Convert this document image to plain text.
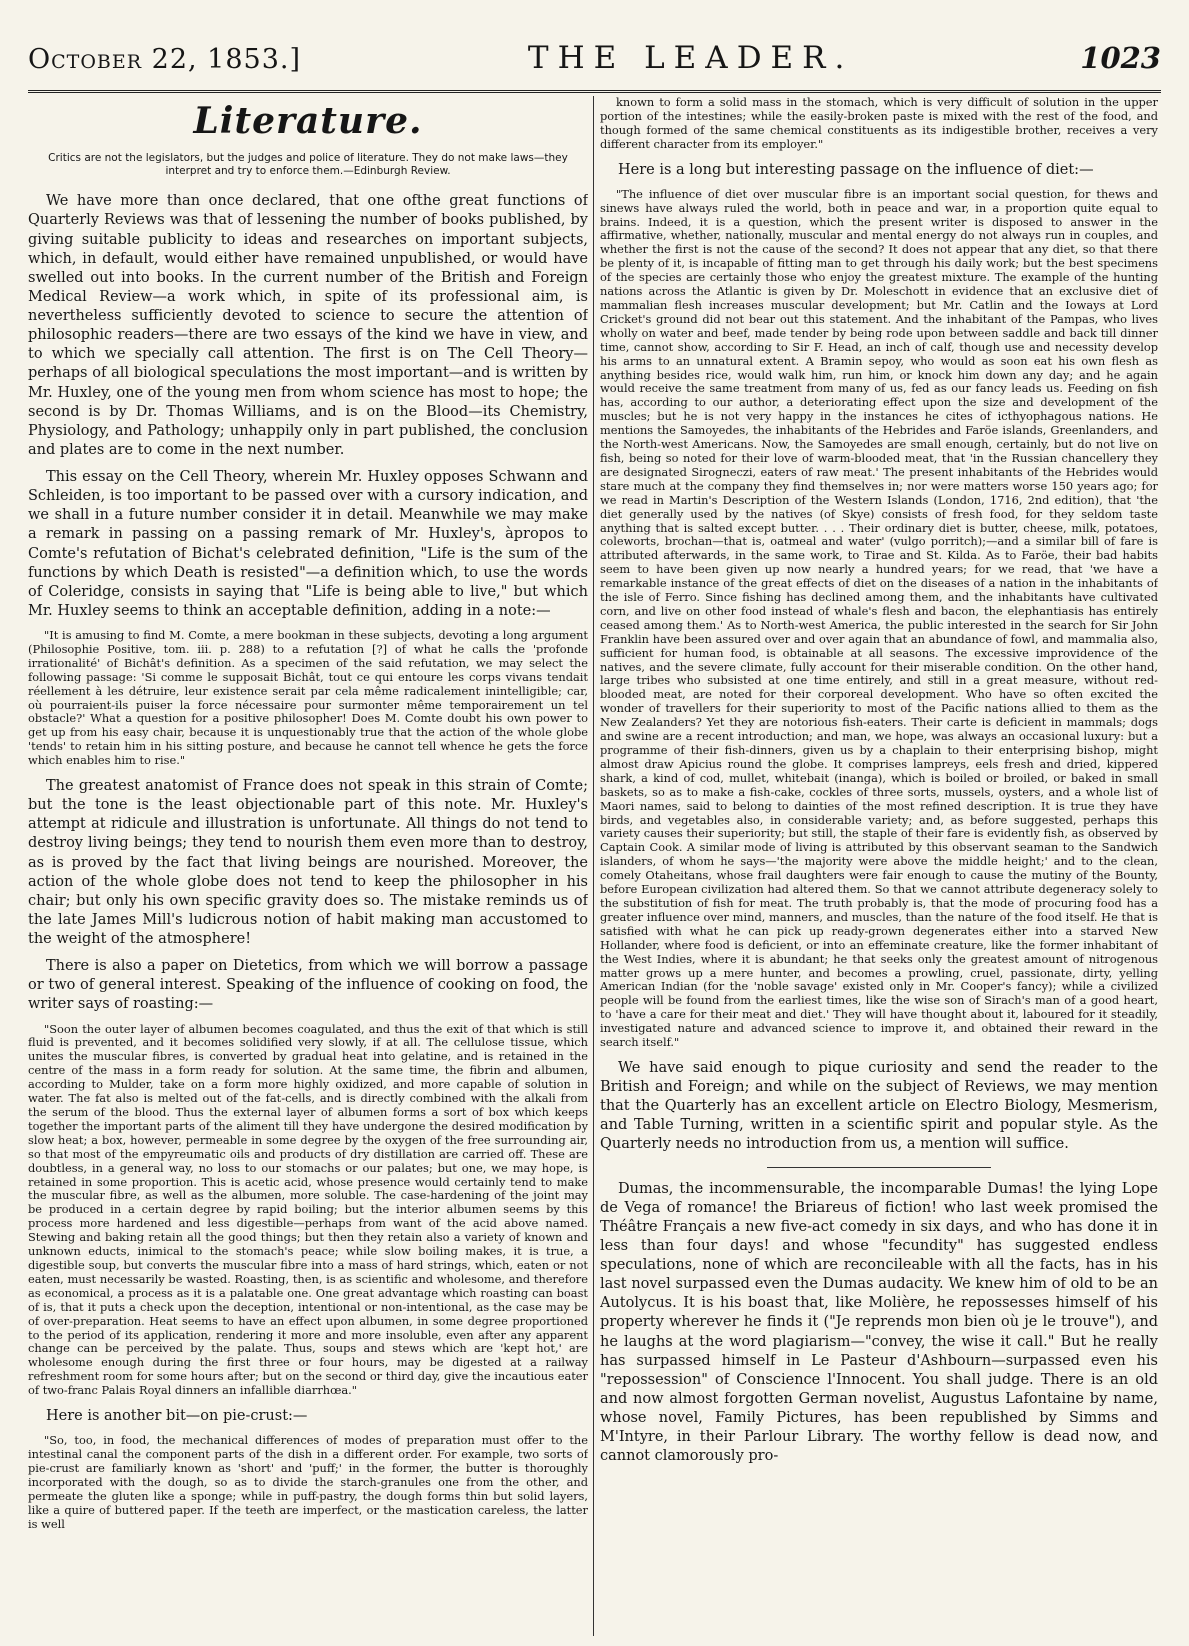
October 22, 1853.]	THE LEADER.	1023
Literature.
Critics are not the legislators, but the judges and police of literature. They do not make laws—they interpret and try to enforce them.—Edinburgh Review.

We have more than once declared, that one ofthe great functions of Quarterly Reviews was that of lessening the number of books published, by giving suitable publicity to ideas and researches on important subjects, which, in default, would either have remained unpublished, or would have swelled out into books. In the current number of the British and Foreign Medical Review—a work which, in spite of its professional aim, is nevertheless sufficiently devoted to science to secure the attention of philosophic readers—there are two essays of the kind we have in view, and to which we specially call attention. The first is on The Cell Theory—perhaps of all biological speculations the most important—and is written by Mr. Huxley, one of the young men from whom science has most to hope; the second is by Dr. Thomas Williams, and is on the Blood—its Chemistry, Physiology, and Pathology; unhappily only in part published, the conclusion and plates are to come in the next number.

This essay on the Cell Theory, wherein Mr. Huxley opposes Schwann and Schleiden, is too important to be passed over with a cursory indication, and we shall in a future number consider it in detail. Meanwhile we may make a remark in passing on a passing remark of Mr. Huxley's, àpropos to Comte's refutation of Bichat's celebrated definition, "Life is the sum of the functions by which Death is resisted"—a definition which, to use the words of Coleridge, consists in saying that "Life is being able to live," but which Mr. Huxley seems to think an acceptable definition, adding in a note:—

"It is amusing to find M. Comte, a mere bookman in these subjects, devoting a long argument (Philosophie Positive, tom. iii. p. 288) to a refutation [?] of what he calls the 'profonde irrationalité' of Bichât's definition. As a specimen of the said refutation, we may select the following passage: 'Si comme le supposait Bichât, tout ce qui entoure les corps vivans tendait réellement à les détruire, leur existence serait par cela même radicalement inintelligible; car, où pourraient-ils puiser la force nécessaire pour surmonter même temporairement un tel obstacle?' What a question for a positive philosopher! Does M. Comte doubt his own power to get up from his easy chair, because it is unquestionably true that the action of the whole globe 'tends' to retain him in his sitting posture, and because he cannot tell whence he gets the force which enables him to rise."

The greatest anatomist of France does not speak in this strain of Comte; but the tone is the least objectionable part of this note. Mr. Huxley's attempt at ridicule and illustration is unfortunate. All things do not tend to destroy living beings; they tend to nourish them even more than to destroy, as is proved by the fact that living beings are nourished. Moreover, the action of the whole globe does not tend to keep the philosopher in his chair; but only his own specific gravity does so. The mistake reminds us of the late James Mill's ludicrous notion of habit making man accustomed to the weight of the atmosphere!

There is also a paper on Dietetics, from which we will borrow a passage or two of general interest. Speaking of the influence of cooking on food, the writer says of roasting:—

"Soon the outer layer of albumen becomes coagulated, and thus the exit of that which is still fluid is prevented, and it becomes solidified very slowly, if at all. The cellulose tissue, which unites the muscular fibres, is converted by gradual heat into gelatine, and is retained in the centre of the mass in a form ready for solution. At the same time, the fibrin and albumen, according to Mulder, take on a form more highly oxidized, and more capable of solution in water. The fat also is melted out of the fat-cells, and is directly combined with the alkali from the serum of the blood. Thus the external layer of albumen forms a sort of box which keeps together the important parts of the aliment till they have undergone the desired modification by slow heat; a box, however, permeable in some degree by the oxygen of the free surrounding air, so that most of the empyreumatic oils and products of dry distillation are carried off. These are doubtless, in a general way, no loss to our stomachs or our palates; but one, we may hope, is retained in some proportion. This is acetic acid, whose presence would certainly tend to make the muscular fibre, as well as the albumen, more soluble. The case-hardening of the joint may be produced in a certain degree by rapid boiling; but the interior albumen seems by this process more hardened and less digestible—perhaps from want of the acid above named. Stewing and baking retain all the good things; but then they retain also a variety of known and unknown educts, inimical to the stomach's peace; while slow boiling makes, it is true, a digestible soup, but converts the muscular fibre into a mass of hard strings, which, eaten or not eaten, must necessarily be wasted. Roasting, then, is as scientific and wholesome, and therefore as economical, a process as it is a palatable one. One great advantage which roasting can boast of is, that it puts a check upon the deception, intentional or non-intentional, as the case may be of over-preparation. Heat seems to have an effect upon albumen, in some degree proportioned to the period of its application, rendering it more and more insoluble, even after any apparent change can be perceived by the palate. Thus, soups and stews which are 'kept hot,' are wholesome enough during the first three or four hours, may be digested at a railway refreshment room for some hours after; but on the second or third day, give the incautious eater of two-franc Palais Royal dinners an infallible diarrhœa."

Here is another bit—on pie-crust:—

"So, too, in food, the mechanical differences of modes of preparation must offer to the intestinal canal the component parts of the dish in a different order. For example, two sorts of pie-crust are familiarly known as 'short' and 'puff;' in the former, the butter is thoroughly incorporated with the dough, so as to divide the starch-granules one from the other, and permeate the gluten like a sponge; while in puff-pastry, the dough forms thin but solid layers, like a quire of buttered paper. If the teeth are imperfect, or the mastication careless, the latter is well

known to form a solid mass in the stomach, which is very difficult of solution in the upper portion of the intestines; while the easily-broken paste is mixed with the rest of the food, and though formed of the same chemical constituents as its indigestible brother, receives a very different character from its employer."

Here is a long but interesting passage on the influence of diet:—

"The influence of diet over muscular fibre is an important social question, for thews and sinews have always ruled the world, both in peace and war, in a proportion quite equal to brains. Indeed, it is a question, which the present writer is disposed to answer in the affirmative, whether, nationally, muscular and mental energy do not always run in couples, and whether the first is not the cause of the second? It does not appear that any diet, so that there be plenty of it, is incapable of fitting man to get through his daily work; but the best specimens of the species are certainly those who enjoy the greatest mixture. The example of the hunting nations across the Atlantic is given by Dr. Moleschott in evidence that an exclusive diet of mammalian flesh increases muscular development; but Mr. Catlin and the Ioways at Lord Cricket's ground did not bear out this statement. And the inhabitant of the Pampas, who lives wholly on water and beef, made tender by being rode upon between saddle and back till dinner time, cannot show, according to Sir F. Head, an inch of calf, though use and necessity develop his arms to an unnatural extent. A Bramin sepoy, who would as soon eat his own flesh as anything besides rice, would walk him, run him, or knock him down any day; and he again would receive the same treatment from many of us, fed as our fancy leads us. Feeding on fish has, according to our author, a deteriorating effect upon the size and development of the muscles; but he is not very happy in the instances he cites of icthyophagous nations. He mentions the Samoyedes, the inhabitants of the Hebrides and Faröe islands, Greenlanders, and the North-west Americans. Now, the Samoyedes are small enough, certainly, but do not live on fish, being so noted for their love of warm-blooded meat, that 'in the Russian chancellery they are designated Sirogneczi, eaters of raw meat.' The present inhabitants of the Hebrides would stare much at the company they find themselves in; nor were matters worse 150 years ago; for we read in Martin's Description of the Western Islands (London, 1716, 2nd edition), that 'the diet generally used by the natives (of Skye) consists of fresh food, for they seldom taste anything that is salted except butter. . . . Their ordinary diet is butter, cheese, milk, potatoes, coleworts, brochan—that is, oatmeal and water' (vulgo porritch);—and a similar bill of fare is attributed afterwards, in the same work, to Tirae and St. Kilda. As to Faröe, their bad habits seem to have been given up now nearly a hundred years; for we read, that 'we have a remarkable instance of the great effects of diet on the diseases of a nation in the inhabitants of the isle of Ferro. Since fishing has declined among them, and the inhabitants have cultivated corn, and live on other food instead of whale's flesh and bacon, the elephantiasis has entirely ceased among them.' As to North-west America, the public interested in the search for Sir John Franklin have been assured over and over again that an abundance of fowl, and mammalia also, sufficient for human food, is obtainable at all seasons. The excessive improvidence of the natives, and the severe climate, fully account for their miserable condition. On the other hand, large tribes who subsisted at one time entirely, and still in a great measure, without red-blooded meat, are noted for their corporeal development. Who have so often excited the wonder of travellers for their superiority to most of the Pacific nations allied to them as the New Zealanders? Yet they are notorious fish-eaters. Their carte is deficient in mammals; dogs and swine are a recent introduction; and man, we hope, was always an occasional luxury: but a programme of their fish-dinners, given us by a chaplain to their enterprising bishop, might almost draw Apicius round the globe. It comprises lampreys, eels fresh and dried, kippered shark, a kind of cod, mullet, whitebait (inanga), which is boiled or broiled, or baked in small baskets, so as to make a fish-cake, cockles of three sorts, mussels, oysters, and a whole list of Maori names, said to belong to dainties of the most refined description. It is true they have birds, and vegetables also, in considerable variety; and, as before suggested, perhaps this variety causes their superiority; but still, the staple of their fare is evidently fish, as observed by Captain Cook. A similar mode of living is attributed by this observant seaman to the Sandwich islanders, of whom he says—'the majority were above the middle height;' and to the clean, comely Otaheitans, whose frail daughters were fair enough to cause the mutiny of the Bounty, before European civilization had altered them. So that we cannot attribute degeneracy solely to the substitution of fish for meat. The truth probably is, that the mode of procuring food has a greater influence over mind, manners, and muscles, than the nature of the food itself. He that is satisfied with what he can pick up ready-grown degenerates either into a starved New Hollander, where food is deficient, or into an effeminate creature, like the former inhabitant of the West Indies, where it is abundant; he that seeks only the greatest amount of nitrogenous matter grows up a mere hunter, and becomes a prowling, cruel, passionate, dirty, yelling American Indian (for the 'noble savage' existed only in Mr. Cooper's fancy); while a civilized people will be found from the earliest times, like the wise son of Sirach's man of a good heart, to 'have a care for their meat and diet.' They will have thought about it, laboured for it steadily, investigated nature and advanced science to improve it, and obtained their reward in the search itself."

We have said enough to pique curiosity and send the reader to the British and Foreign; and while on the subject of Reviews, we may mention that the Quarterly has an excellent article on Electro Biology, Mesmerism, and Table Turning, written in a scientific spirit and popular style. As the Quarterly needs no introduction from us, a mention will suffice.

Dumas, the incommensurable, the incomparable Dumas! the lying Lope de Vega of romance! the Briareus of fiction! who last week promised the Théâtre Français a new five-act comedy in six days, and who has done it in less than four days! and whose "fecundity" has suggested endless speculations, none of which are reconcileable with all the facts, has in his last novel surpassed even the Dumas audacity. We knew him of old to be an Autolycus. It is his boast that, like Molière, he repossesses himself of his property wherever he finds it ("Je reprends mon bien où je le trouve"), and he laughs at the word plagiarism—"convey, the wise it call." But he really has surpassed himself in Le Pasteur d'Ashbourn—surpassed even his "repossession" of Conscience l'Innocent. You shall judge. There is an old and now almost forgotten German novelist, Augustus Lafontaine by name, whose novel, Family Pictures, has been republished by Simms and M'Intyre, in their Parlour Library. The worthy fellow is dead now, and cannot clamorously pro-
